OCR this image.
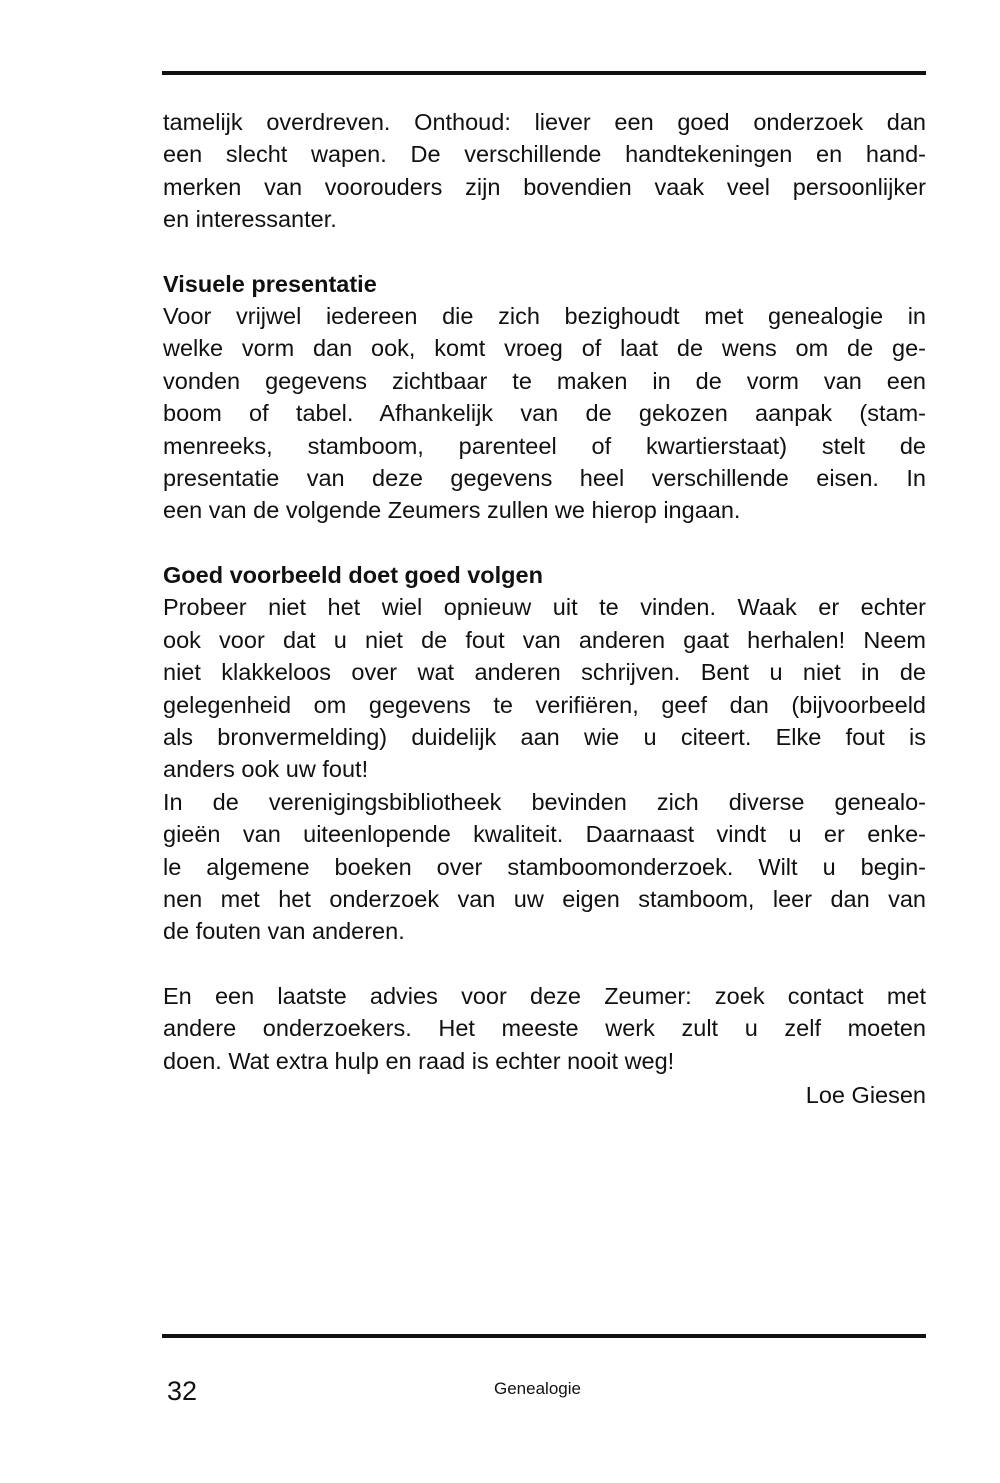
tamelijk overdreven. Onthoud: liever een goed onderzoek dan
een slecht wapen. De verschillende handtekeningen en hand-
merken van voorouders zijn bovendien vaak veel persoonlijker
en interessanter.
Visuele presentatie
Voor vrijwel iedereen die zich bezighoudt met genealogie in
welke vorm dan ook, komt vroeg of laat de wens om de ge-
vonden gegevens zichtbaar te maken in de vorm van een
boom of tabel. Afhankelijk van de gekozen aanpak (stam-
menreeks, stamboom, parenteel of kwartierstaat) stelt de
presentatie van deze gegevens heel verschillende eisen. In
een van de volgende Zeumers zullen we hierop ingaan.
Goed voorbeeld doet goed volgen
Probeer niet het wiel opnieuw uit te vinden. Waak er echter
ook voor dat u niet de fout van anderen gaat herhalen! Neem
niet klakkeloos over wat anderen schrijven. Bent u niet in de
gelegenheid om gegevens te verifiëren, geef dan (bijvoorbeeld
als bronvermelding) duidelijk aan wie u citeert. Elke fout is
anders ook uw fout!
In de verenigingsbibliotheek bevinden zich diverse genealo-
gieën van uiteenlopende kwaliteit. Daarnaast vindt u er enke-
le algemene boeken over stamboomonderzoek. Wilt u begin-
nen met het onderzoek van uw eigen stamboom, leer dan van
de fouten van anderen.
En een laatste advies voor deze Zeumer: zoek contact met
andere onderzoekers. Het meeste werk zult u zelf moeten
doen. Wat extra hulp en raad is echter nooit weg!
Loe Giesen
32	Genealogie
